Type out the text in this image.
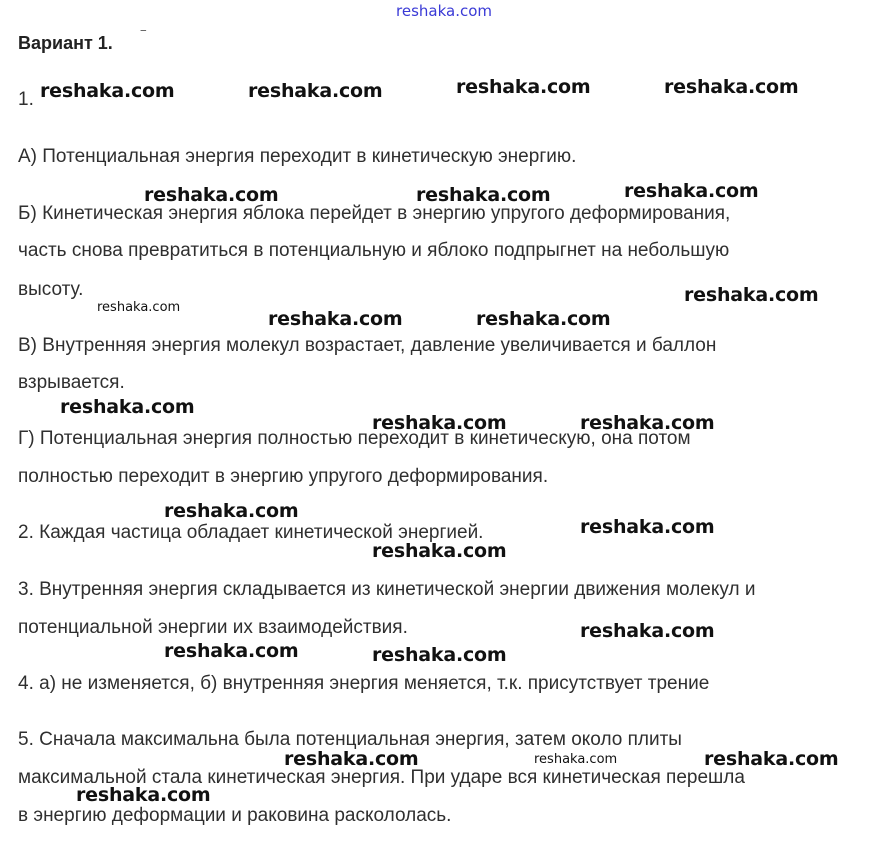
reshaka.com
Вариант 1. ‾
1.
А) Потенциальная энергия переходит в кинетическую энергию.
Б) Кинетическая энергия яблока перейдет в энергию упругого деформирования,
часть снова превратиться в потенциальную и яблоко подпрыгнет на небольшую
высоту.
В) Внутренняя энергия молекул возрастает, давление увеличивается и баллон
взрывается.
Г) Потенциальная энергия полностью переходит в кинетическую, она потом
полностью переходит в энергию упругого деформирования.
2. Каждая частица обладает кинетической энергией.
3. Внутренняя энергия складывается из кинетической энергии движения молекул и
потенциальной энергии их взаимодействия.
4. а) не изменяется, б) внутренняя энергия меняется, т.к. присутствует трение
5. Сначала максимальна была потенциальная энергия, затем около плиты
максимальной стала кинетическая энергия. При ударе вся кинетическая перешла
в энергию деформации и раковина раскололась.
reshaka.com	reshaka.com	reshaka.com	reshaka.com
reshaka.com	reshaka.com	reshaka.com
reshaka.com
reshaka.com
reshaka.com	reshaka.com
reshaka.com
reshaka.com	reshaka.com
reshaka.com
reshaka.com
reshaka.com
reshaka.com
reshaka.com	reshaka.com
reshaka.com	reshaka.com	reshaka.com
reshaka.com
